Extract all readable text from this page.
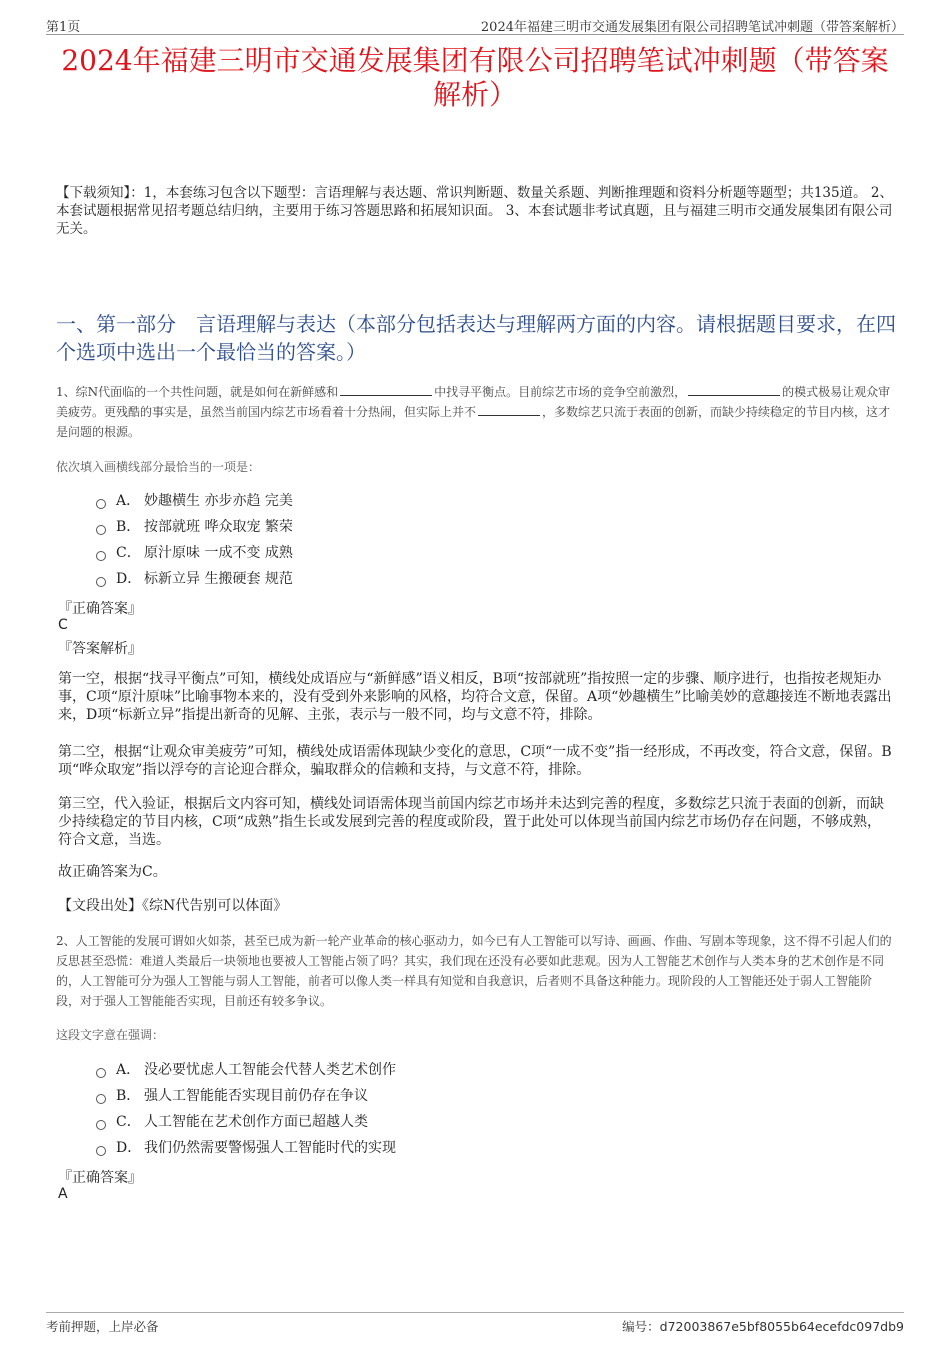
第1页	2024年福建三明市交通发展集团有限公司招聘笔试冲刺题（带答案解析）
2024年福建三明市交通发展集团有限公司招聘笔试冲刺题（带答案解析）
【下载须知】：1，本套练习包含以下题型：言语理解与表达题、常识判断题、数量关系题、判断推理题和资料分析题等题型；共135道。 2、本套试题根据常见招考题总结归纳，主要用于练习答题思路和拓展知识面。 3、本套试题非考试真题，且与福建三明市交通发展集团有限公司无关。
一、第一部分　言语理解与表达（本部分包括表达与理解两方面的内容。请根据题目要求，在四个选项中选出一个最恰当的答案。）
1、综N代面临的一个共性问题，就是如何在新鲜感和	中找寻平衡点。目前综艺市场的竞争空前激烈，	的模式极易让观众审美疲劳。更残酷的事实是，虽然当前国内综艺市场看着十分热闹，但实际上并不	，多数综艺只流于表面的创新，而缺少持续稳定的节目内核，这才是问题的根源。
依次填入画横线部分最恰当的一项是：
A． 妙趣横生 亦步亦趋 完美
B． 按部就班 哗众取宠 繁荣
C． 原汁原味 一成不变 成熟
D． 标新立异 生搬硬套 规范
『正确答案』
C
『答案解析』
第一空，根据“找寻平衡点”可知，横线处成语应与“新鲜感”语义相反，B项“按部就班”指按照一定的步骤、顺序进行，也指按老规矩办事，C项“原汁原味”比喻事物本来的，没有受到外来影响的风格，均符合文意，保留。A项“妙趣横生”比喻美妙的意趣接连不断地表露出来，D项“标新立异”指提出新奇的见解、主张，表示与一般不同，均与文意不符，排除。
第二空，根据“让观众审美疲劳”可知，横线处成语需体现缺少变化的意思，C项“一成不变”指一经形成，不再改变，符合文意，保留。B项“哗众取宠”指以浮夸的言论迎合群众，骗取群众的信赖和支持，与文意不符，排除。
第三空，代入验证，根据后文内容可知，横线处词语需体现当前国内综艺市场并未达到完善的程度，多数综艺只流于表面的创新，而缺少持续稳定的节目内核，C项“成熟”指生长或发展到完善的程度或阶段，置于此处可以体现当前国内综艺市场仍存在问题，不够成熟，符合文意，当选。
故正确答案为C。
【文段出处】《综N代告别可以体面》
2、人工智能的发展可谓如火如荼，甚至已成为新一轮产业革命的核心驱动力，如今已有人工智能可以写诗、画画、作曲、写剧本等现象，这不得不引起人们的反思甚至恐慌：难道人类最后一块领地也要被人工智能占领了吗？其实，我们现在还没有必要如此悲观。因为人工智能艺术创作与人类本身的艺术创作是不同的，人工智能可分为强人工智能与弱人工智能，前者可以像人类一样具有知觉和自我意识，后者则不具备这种能力。现阶段的人工智能还处于弱人工智能阶段，对于强人工智能能否实现，目前还有较多争议。
这段文字意在强调：
A． 没必要忧虑人工智能会代替人类艺术创作
B． 强人工智能能否实现目前仍存在争议
C． 人工智能在艺术创作方面已超越人类
D． 我们仍然需要警惕强人工智能时代的实现
『正确答案』
A
考前押题，上岸必备	编号：d72003867e5bf8055b64ecefdc097db9
